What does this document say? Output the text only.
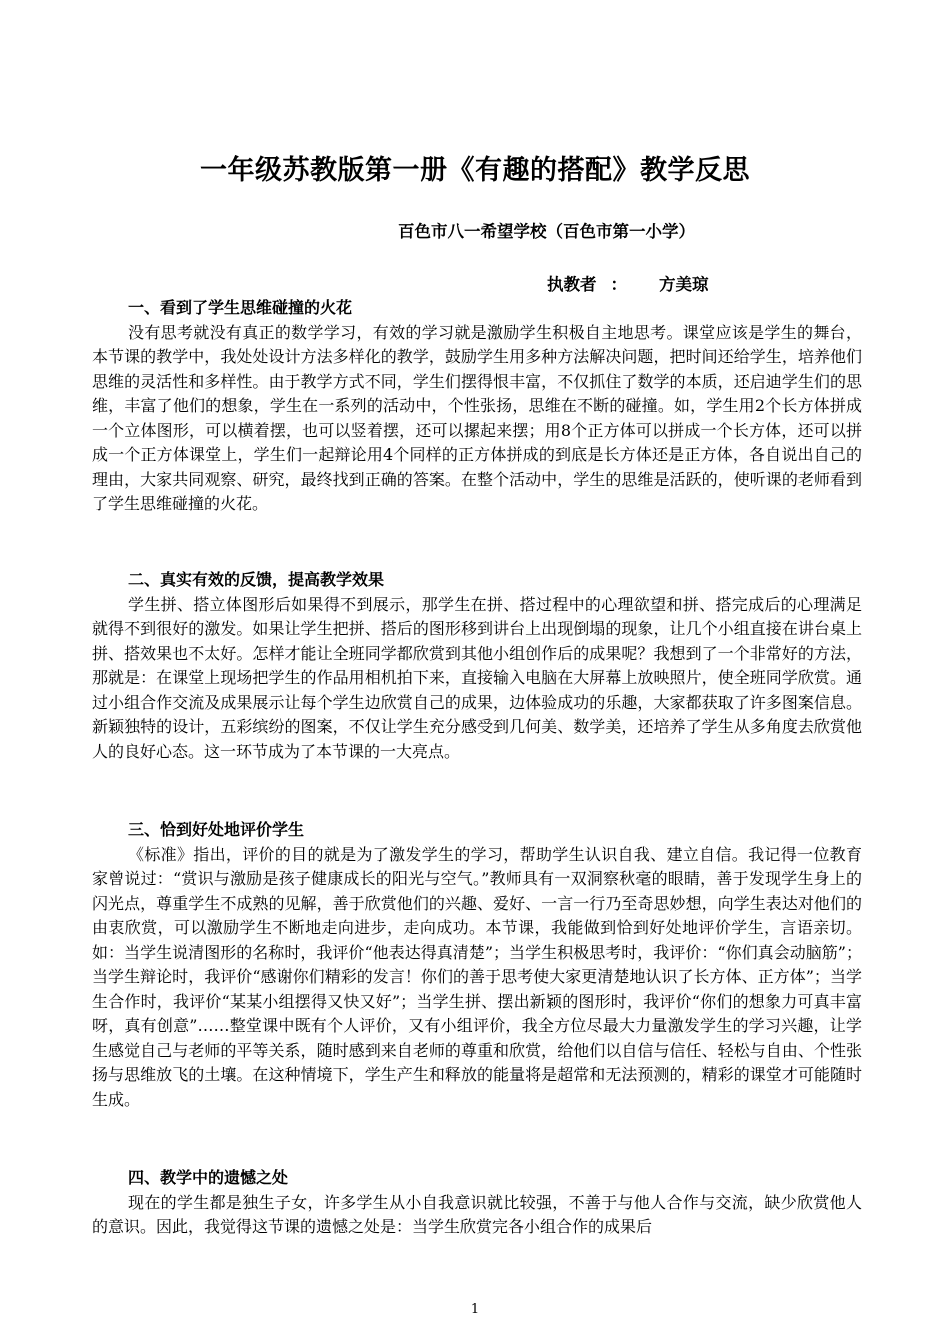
一年级苏教版第一册《有趣的搭配》教学反思
百色市八一希望学校（百色市第一小学）
执教者 ： 方美琼
一、看到了学生思维碰撞的火花

没有思考就没有真正的数学学习，有效的学习就是激励学生积极自主地思考。课堂应该是学生的舞台，本节课的教学中，我处处设计方法多样化的教学，鼓励学生用多种方法解决问题，把时间还给学生，培养他们思维的灵活性和多样性。由于教学方式不同，学生们摆得恨丰富，不仅抓住了数学的本质，还启迪学生们的思维，丰富了他们的想象，学生在一系列的活动中，个性张扬，思维在不断的碰撞。如，学生用2个长方体拼成一个立体图形，可以横着摆，也可以竖着摆，还可以摞起来摆；用8个正方体可以拼成一个长方体，还可以拼成一个正方体课堂上，学生们一起辩论用4个同样的正方体拼成的到底是长方体还是正方体，各自说出自己的理由，大家共同观察、研究，最终找到正确的答案。在整个活动中，学生的思维是活跃的，使听课的老师看到了学生思维碰撞的火花。

二、真实有效的反馈，提高教学效果

学生拼、搭立体图形后如果得不到展示，那学生在拼、搭过程中的心理欲望和拼、搭完成后的心理满足就得不到很好的激发。如果让学生把拼、搭后的图形移到讲台上出现倒塌的现象，让几个小组直接在讲台桌上拼、搭效果也不太好。怎样才能让全班同学都欣赏到其他小组创作后的成果呢？我想到了一个非常好的方法，那就是：在课堂上现场把学生的作品用相机拍下来，直接输入电脑在大屏幕上放映照片，使全班同学欣赏。通过小组合作交流及成果展示让每个学生边欣赏自己的成果，边体验成功的乐趣，大家都获取了许多图案信息。新颖独特的设计，五彩缤纷的图案，不仅让学生充分感受到几何美、数学美，还培养了学生从多角度去欣赏他人的良好心态。这一环节成为了本节课的一大亮点。

三、恰到好处地评价学生

《标准》指出，评价的目的就是为了激发学生的学习，帮助学生认识自我、建立自信。我记得一位教育家曾说过：“赏识与激励是孩子健康成长的阳光与空气。”教师具有一双洞察秋毫的眼睛，善于发现学生身上的闪光点，尊重学生不成熟的见解，善于欣赏他们的兴趣、爱好、一言一行乃至奇思妙想，向学生表达对他们的由衷欣赏，可以激励学生不断地走向进步，走向成功。本节课，我能做到恰到好处地评价学生，言语亲切。如：当学生说清图形的名称时，我评价“他表达得真清楚”；当学生积极思考时，我评价：“你们真会动脑筋”；当学生辩论时，我评价“感谢你们精彩的发言！你们的善于思考使大家更清楚地认识了长方体、正方体”；当学生合作时，我评价“某某小组摆得又快又好”；当学生拼、摆出新颖的图形时，我评价“你们的想象力可真丰富呀，真有创意”……整堂课中既有个人评价，又有小组评价，我全方位尽最大力量激发学生的学习兴趣，让学生感觉自己与老师的平等关系，随时感到来自老师的尊重和欣赏，给他们以自信与信任、轻松与自由、个性张扬与思维放飞的土壤。在这种情境下，学生产生和释放的能量将是超常和无法预测的，精彩的课堂才可能随时生成。

四、教学中的遗憾之处

现在的学生都是独生子女，许多学生从小自我意识就比较强，不善于与他人合作与交流，缺少欣赏他人的意识。因此，我觉得这节课的遗憾之处是：当学生欣赏完各小组合作的成果后

1
